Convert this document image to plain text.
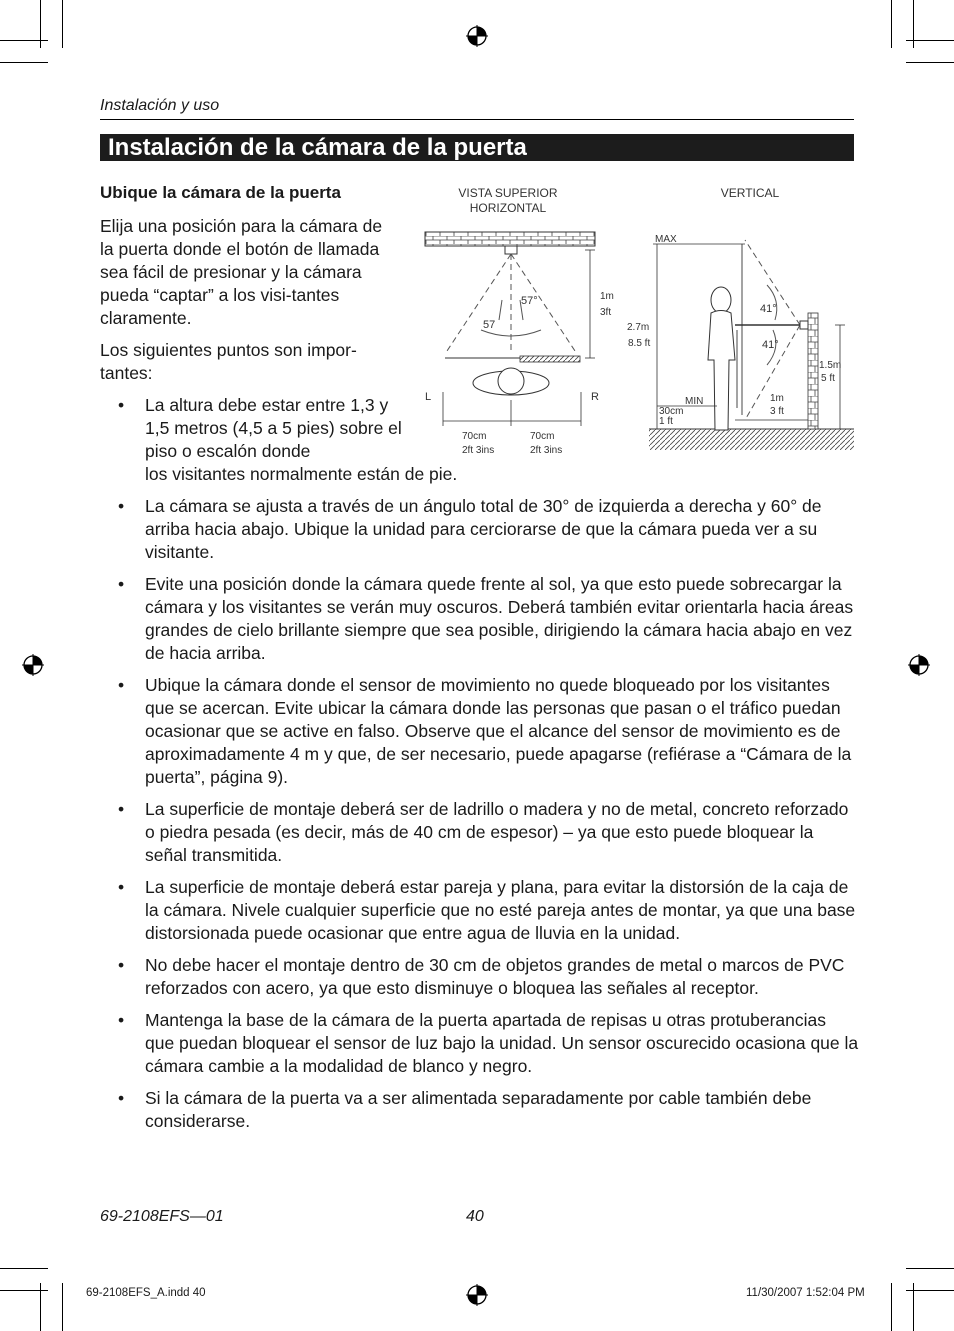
Instalación y uso
Instalación de la cámara de la puerta
Ubique la cámara de la puerta

Elija una posición para la cámara de la puerta donde el botón de llamada sea fácil de presionar y la cámara pueda “captar” a los visi-tantes claramente.

Los siguientes puntos son impor-tantes:

VISTA SUPERIOR
HORIZONTAL
57°
57
1m
3ft
L	R
70cm
2ft 3ins
70cm
2ft 3ins
VERTICAL
MAX
2.7m
8.5 ft
41°
41°
1.5m
5 ft
MIN
30cm
1 ft
1m
3 ft
• La altura debe estar entre 1,3 y 1,5 metros (4,5 a 5 pies) sobre el piso o escalón donde
los visitantes normalmente están de pie.
• La cámara se ajusta a través de un ángulo total de 30° de izquierda a derecha y 60° de arriba hacia abajo. Ubique la unidad para cerciorarse de que la cámara pueda ver a su visitante.
• Evite una posición donde la cámara quede frente al sol, ya que esto puede sobrecargar la cámara y los visitantes se verán muy oscuros. Deberá también evitar orientarla hacia áreas grandes de cielo brillante siempre que sea posible, dirigiendo la cámara hacia abajo en vez de hacia arriba.
• Ubique la cámara donde el sensor de movimiento no quede bloqueado por los visitantes que se acercan. Evite ubicar la cámara donde las personas que pasan o el tráfico puedan ocasionar que se active en falso. Observe que el alcance del sensor de movimiento es de aproximadamente 4 m y que, de ser necesario, puede apagarse (refiérase a “Cámara de la puerta”, página 9).
• La superficie de montaje deberá ser de ladrillo o madera y no de metal, concreto reforzado o piedra pesada (es decir, más de 40 cm de espesor) – ya que esto puede bloquear la señal transmitida.
• La superficie de montaje deberá estar pareja y plana, para evitar la distorsión de la caja de la cámara. Nivele cualquier superficie que no esté pareja antes de montar, ya que una base distorsionada puede ocasionar que entre agua de lluvia en la unidad.
• No debe hacer el montaje dentro de 30 cm de objetos grandes de metal o marcos de PVC reforzados con acero, ya que esto disminuye o bloquea las señales al receptor.
• Mantenga la base de la cámara de la puerta apartada de repisas u otras protuberancias que puedan bloquear el sensor de luz bajo la unidad. Un sensor oscurecido ocasiona que la cámara cambie a la modalidad de blanco y negro.
• Si la cámara de la puerta va a ser alimentada separadamente por cable también debe considerarse.
69-2108EFS—01	40
69-2108EFS_A.indd 40	11/30/2007 1:52:04 PM
